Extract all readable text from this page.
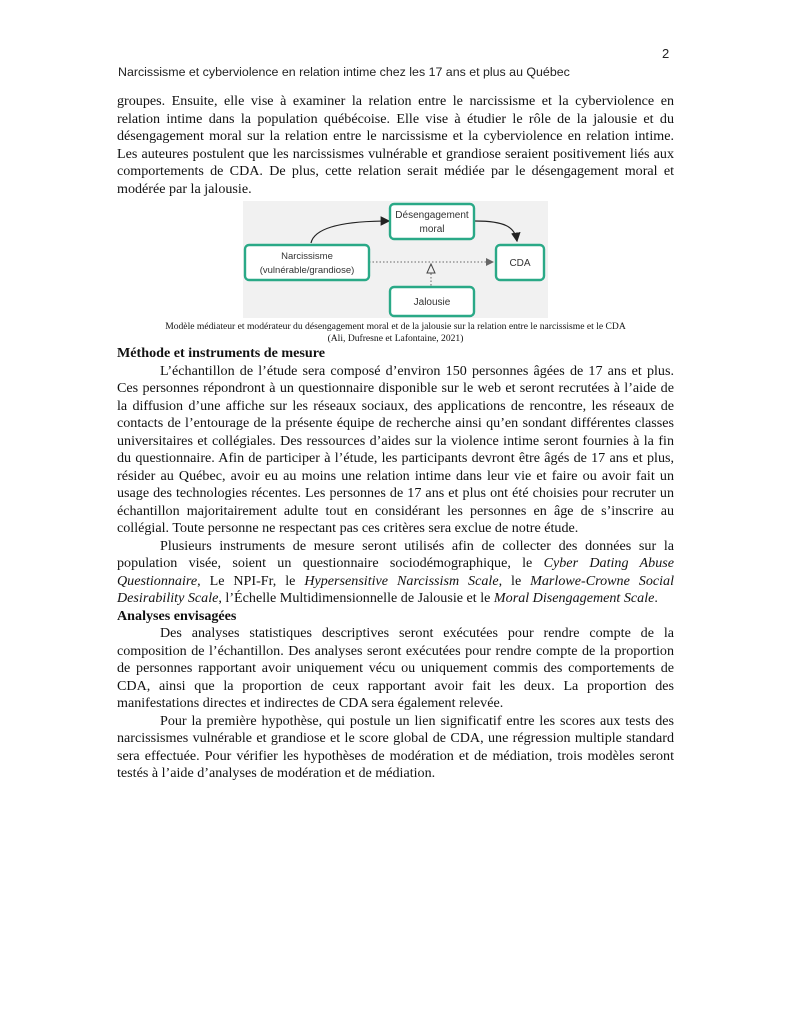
2
Narcissisme et cyberviolence en relation intime chez les 17 ans et plus au Québec

groupes. Ensuite, elle vise à examiner la relation entre le narcissisme et la cyberviolence en relation intime dans la population québécoise. Elle vise à étudier le rôle de la jalousie et du désengagement moral sur la relation entre le narcissisme et la cyberviolence en relation intime. Les auteures postulent que les narcissismes vulnérable et grandiose seraient positivement liés aux comportements de CDA. De plus, cette relation serait médiée par le désengagement moral et modérée par la jalousie.

Désengagement
moral
Narcissisme
(vulnérable/grandiose)
CDA
Jalousie
Modèle médiateur et modérateur du désengagement moral et de la jalousie sur la relation entre le narcissisme et le CDA
(Ali, Dufresne et Lafontaine, 2021)
Méthode et instruments de mesure

L’échantillon de l’étude sera composé d’environ 150 personnes âgées de 17 ans et plus. Ces personnes répondront à un questionnaire disponible sur le web et seront recrutées à l’aide de la diffusion d’une affiche sur les réseaux sociaux, des applications de rencontre, les réseaux de contacts de l’entourage de la présente équipe de recherche ainsi qu’en sondant différentes classes universitaires et collégiales. Des ressources d’aides sur la violence intime seront fournies à la fin du questionnaire. Afin de participer à l’étude, les participants devront être âgés de 17 ans et plus, résider au Québec, avoir eu au moins une relation intime dans leur vie et faire ou avoir fait un usage des technologies récentes. Les personnes de 17 ans et plus ont été choisies pour recruter un échantillon majoritairement adulte tout en considérant les personnes en âge de s’inscrire au collégial. Toute personne ne respectant pas ces critères sera exclue de notre étude.

Plusieurs instruments de mesure seront utilisés afin de collecter des données sur la population visée, soient un questionnaire sociodémographique, le Cyber Dating Abuse Questionnaire, Le NPI-Fr, le Hypersensitive Narcissism Scale, le Marlowe-Crowne Social Desirability Scale, l’Échelle Multidimensionnelle de Jalousie et le Moral Disengagement Scale.

Analyses envisagées

Des analyses statistiques descriptives seront exécutées pour rendre compte de la composition de l’échantillon. Des analyses seront exécutées pour rendre compte de la proportion de personnes rapportant avoir uniquement vécu ou uniquement commis des comportements de CDA, ainsi que la proportion de ceux rapportant avoir fait les deux. La proportion des manifestations directes et indirectes de CDA sera également relevée.

Pour la première hypothèse, qui postule un lien significatif entre les scores aux tests des narcissismes vulnérable et grandiose et le score global de CDA, une régression multiple standard sera effectuée. Pour vérifier les hypothèses de modération et de médiation, trois modèles seront testés à l’aide d’analyses de modération et de médiation.
